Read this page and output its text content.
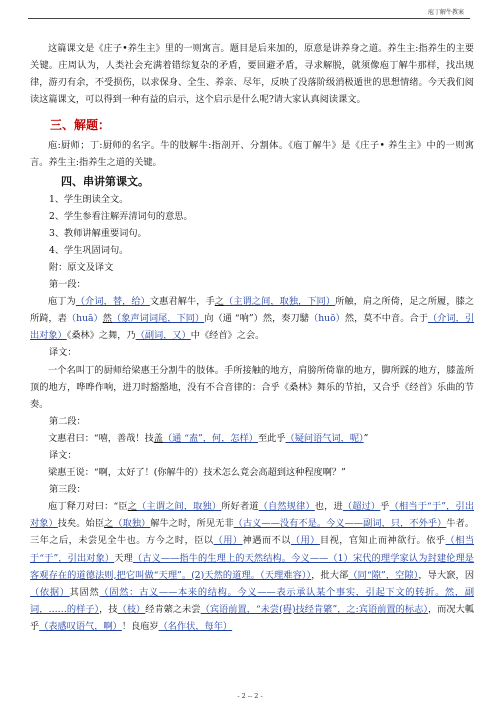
庖丁解牛教案

这篇课文是《庄子•养生主》里的一则寓言。题目是后来加的，原意是讲养身之道。养生主:指养生的主要关键。庄周认为，人类社会充满着错综复杂的矛盾，要回避矛盾，寻求解脱，就须像庖丁解牛那样，找出规律，游刃有余，不受损伤，以求保身、全生、养亲、尽年，反映了没落阶级消极遁世的思想情绪。今天我们阅读这篇课文，可以得到一种有益的启示，这个启示是什么呢?请大家认真阅读课文。

三、解题：

庖:厨师；丁:厨师的名字。牛的肢解牛:指剖开、分割体。《庖丁解牛》是《庄子• 养生主》中的一则寓言。养生主:指养生之道的关键。

四、串讲第课文。
1、学生朗读全文。
2、学生参看注解弄清词句的意思。
3、教师讲解重要词句。
4、学生巩固词句。
附：原文及译文
第一段：

庖丁为（介词，替，给）文惠君解牛，手之（主谓之间，取独，下同）所触，肩之所倚，足之所履，膝之所踦，砉（huā）然（象声词词尾，下同）向（通 “响”）然，奏刀騞（huō）然，莫不中音。合于（介词，引出对象）《桑林》之舞，乃（副词，又）中《经首》之会。

译文：

一个名叫丁的厨师给梁惠王分割牛的肢体。手所接触的地方，肩膀所倚靠的地方，脚所踩的地方，膝盖所顶的地方，哗哗作响，进刀时豁豁地，没有不合音律的：合乎《桑林》舞乐的节拍，又合乎《经首》乐曲的节奏。

第二段：

文惠君曰：“嘻，善哉！技盖（通 “盍”，何，怎样）至此乎（疑问语气词，呢）”

译文：

梁惠王说：“啊，太好了！(你解牛的）技术怎么竟会高超到这种程度啊？”

第三段：

庖丁释刀对曰：“臣之（主谓之间，取独）所好者道（自然规律）也，进（超过）乎（相当于“于”，引出对象）技矣。始臣之（取独）解牛之时，所见无非（古义——没有不是。今义——副词，只，不外乎）牛者。三年之后，未尝见全牛也。方今之时，臣以（用）神遇而不以（用）目视，官知止而神欲行。依乎（相当于“于”，引出对象）天理（古义——指牛的生理上的天然结构。今义——（1）宋代的理学家认为封建伦理是客观存在的道德法则,把它叫做“天理”。(2)天然的道理。（天理难容）），批大郤（同“隙”，空隙），导大窾，因（依据）其固然（固然：古义——本来的结构。今义——表示承认某个事实，引起下文的转折。然，副词，……的样子），技（枝）经肯綮之未尝（宾语前置，“未尝(碍)技经肯綮”，之:宾语前置的标志），而况大軱乎（表感叹语气，啊）！良庖岁（名作状，每年）

- 2 -- 2 -
